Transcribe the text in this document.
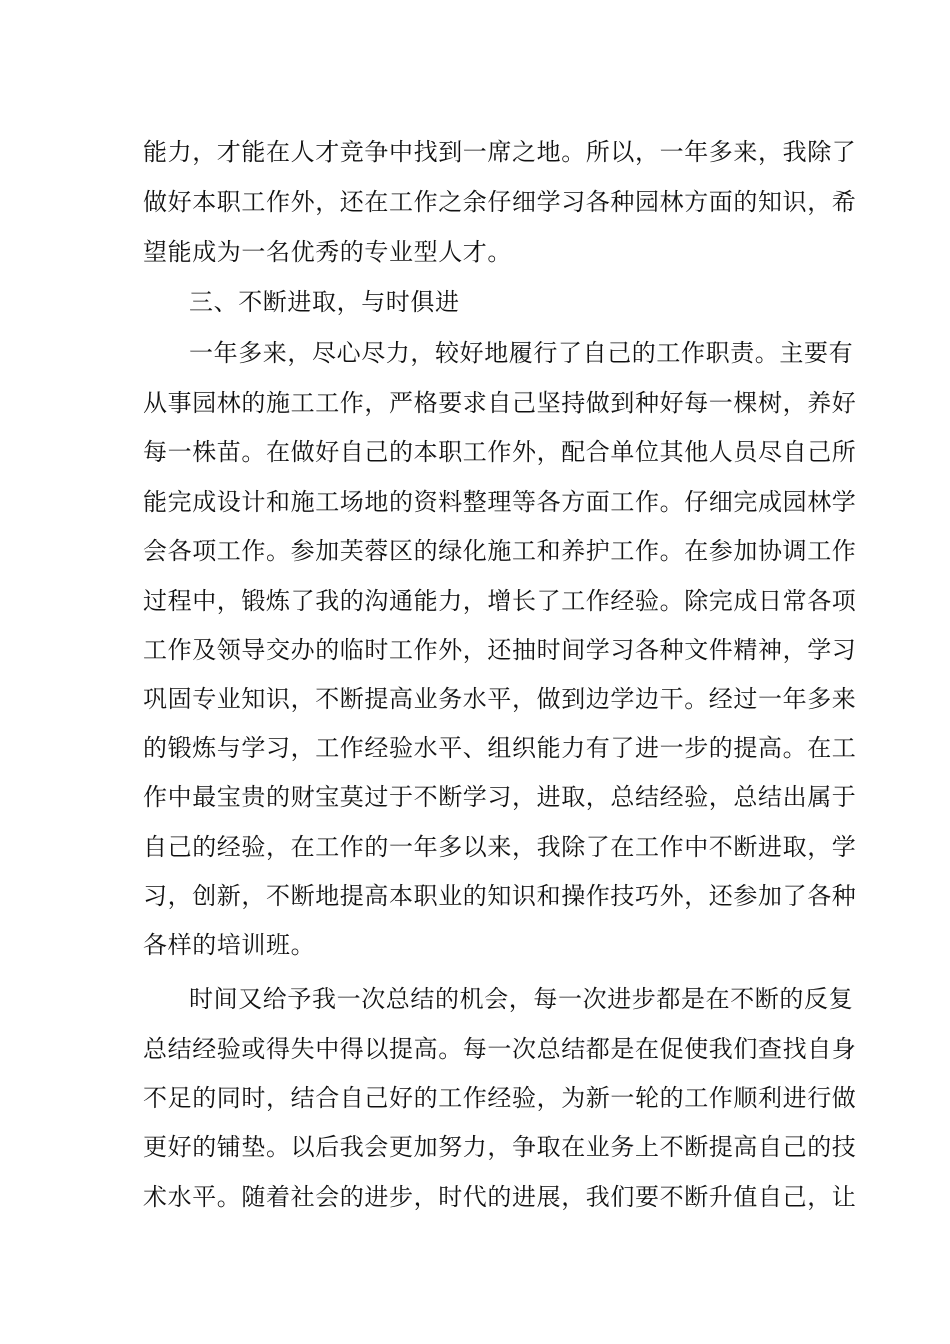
能力，才能在人才竞争中找到一席之地。所以，一年多来，我除了
做好本职工作外，还在工作之余仔细学习各种园林方面的知识，希
望能成为一名优秀的专业型人才。
三、不断进取，与时俱进
一年多来，尽心尽力，较好地履行了自己的工作职责。主要有
从事园林的施工工作，严格要求自己坚持做到种好每一棵树，养好
每一株苗。在做好自己的本职工作外，配合单位其他人员尽自己所
能完成设计和施工场地的资料整理等各方面工作。仔细完成园林学
会各项工作。参加芙蓉区的绿化施工和养护工作。在参加协调工作
过程中，锻炼了我的沟通能力，增长了工作经验。除完成日常各项
工作及领导交办的临时工作外，还抽时间学习各种文件精神，学习
巩固专业知识，不断提高业务水平，做到边学边干。经过一年多来
的锻炼与学习，工作经验水平、组织能力有了进一步的提高。在工
作中最宝贵的财宝莫过于不断学习，进取，总结经验，总结出属于
自己的经验，在工作的一年多以来，我除了在工作中不断进取，学
习，创新，不断地提高本职业的知识和操作技巧外，还参加了各种
各样的培训班。
时间又给予我一次总结的机会，每一次进步都是在不断的反复
总结经验或得失中得以提高。每一次总结都是在促使我们查找自身
不足的同时，结合自己好的工作经验，为新一轮的工作顺利进行做
更好的铺垫。以后我会更加努力，争取在业务上不断提高自己的技
术水平。随着社会的进步，时代的进展，我们要不断升值自己，让
